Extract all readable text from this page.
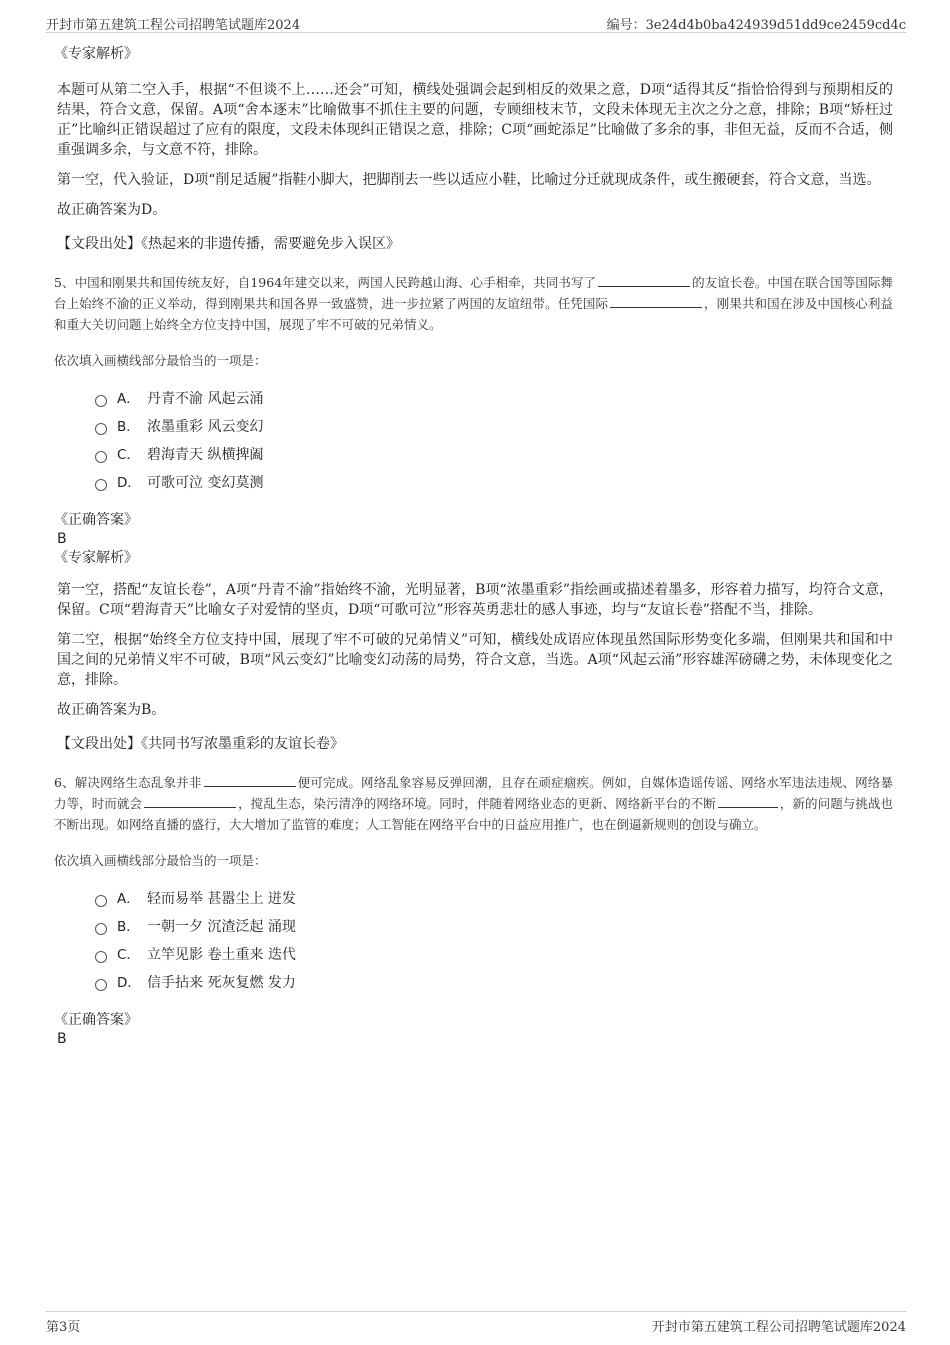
开封市第五建筑工程公司招聘笔试题库2024	编号：3e24d4b0ba424939d51dd9ce2459cd4c
《专家解析》

本题可从第二空入手，根据“不但谈不上……还会”可知，横线处强调会起到相反的效果之意，D项“适得其反”指恰恰得到与预期相反的结果，符合文意，保留。A项“舍本逐末”比喻做事不抓住主要的问题，专顾细枝末节，文段未体现无主次之分之意，排除；B项“矫枉过正”比喻纠正错误超过了应有的限度，文段未体现纠正错误之意，排除；C项“画蛇添足”比喻做了多余的事，非但无益，反而不合适，侧重强调多余，与文意不符，排除。

第一空，代入验证，D项“削足适履”指鞋小脚大，把脚削去一些以适应小鞋，比喻过分迁就现成条件，或生搬硬套，符合文意，当选。

故正确答案为D。

【文段出处】《热起来的非遗传播，需要避免步入误区》
5、中国和刚果共和国传统友好，自1964年建交以来，两国人民跨越山海、心手相牵，共同书写了	的友谊长卷。中国在联合国等国际舞台上始终不渝的正义举动，得到刚果共和国各界一致盛赞，进一步拉紧了两国的友谊纽带。任凭国际	，刚果共和国在涉及中国核心利益和重大关切问题上始终全方位支持中国，展现了牢不可破的兄弟情义。
依次填入画横线部分最恰当的一项是：
A． 丹青不渝 风起云涌
B． 浓墨重彩 风云变幻
C． 碧海青天 纵横捭阖
D． 可歌可泣 变幻莫测
《正确答案》
B
《专家解析》

第一空，搭配“友谊长卷”，A项“丹青不渝”指始终不渝，光明显著，B项“浓墨重彩”指绘画或描述着墨多，形容着力描写，均符合文意，保留。C项“碧海青天”比喻女子对爱情的坚贞，D项“可歌可泣”形容英勇悲壮的感人事迹，均与“友谊长卷”搭配不当，排除。

第二空，根据“始终全方位支持中国，展现了牢不可破的兄弟情义”可知，横线处成语应体现虽然国际形势变化多端，但刚果共和国和中国之间的兄弟情义牢不可破，B项“风云变幻”比喻变幻动荡的局势，符合文意，当选。A项“风起云涌”形容雄浑磅礴之势，未体现变化之意，排除。

故正确答案为B。

【文段出处】《共同书写浓墨重彩的友谊长卷》
6、解决网络生态乱象并非	便可完成。网络乱象容易反弹回潮，且存在顽症痼疾。例如，自媒体造谣传谣、网络水军违法违规、网络暴力等，时而就会	，搅乱生态，染污清净的网络环境。同时，伴随着网络业态的更新、网络新平台的不断	，新的问题与挑战也不断出现。如网络直播的盛行，大大增加了监管的难度；人工智能在网络平台中的日益应用推广，也在倒逼新规则的创设与确立。
依次填入画横线部分最恰当的一项是：
A． 轻而易举 甚嚣尘上 迸发
B． 一朝一夕 沉渣泛起 涌现
C． 立竿见影 卷土重来 迭代
D． 信手拈来 死灰复燃 发力
《正确答案》
B
第3页	开封市第五建筑工程公司招聘笔试题库2024
